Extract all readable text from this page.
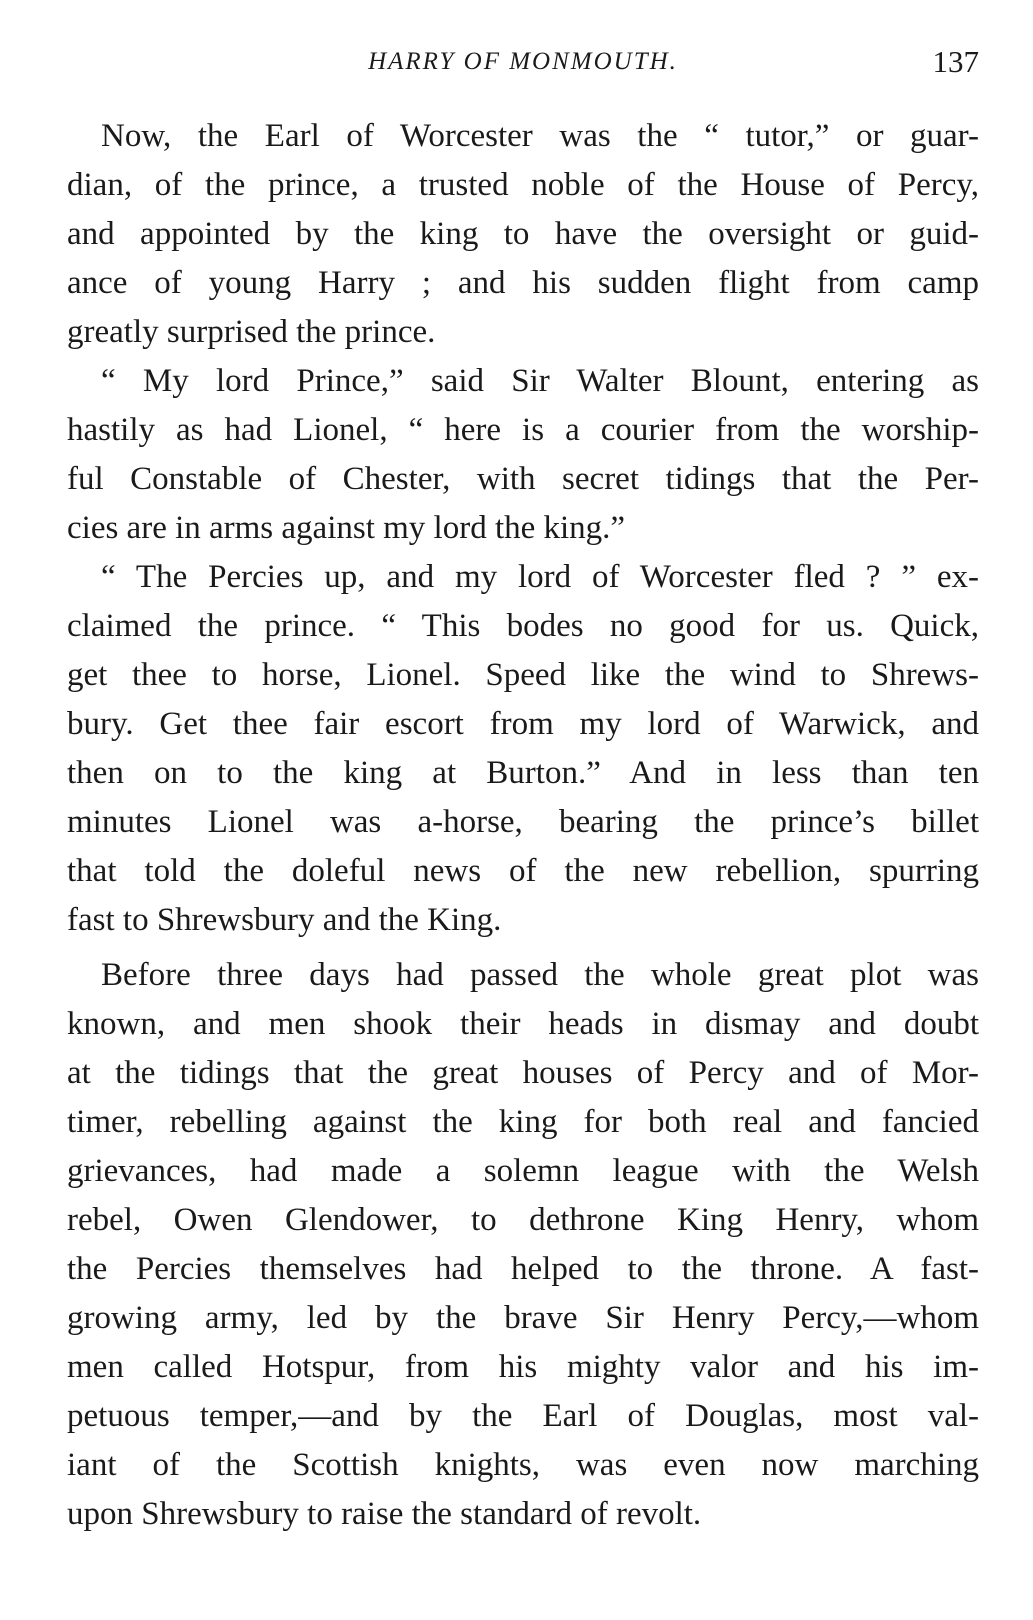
HARRY OF MONMOUTH.	137
Now, the Earl of Worcester was the “ tutor,” or guar-
dian, of the prince, a trusted noble of the House of Percy,
and appointed by the king to have the oversight or guid-
ance of young Harry ; and his sudden flight from camp
greatly surprised the prince.
“ My lord Prince,” said Sir Walter Blount, entering as
hastily as had Lionel, “ here is a courier from the worship-
ful Constable of Chester, with secret tidings that the Per-
cies are in arms against my lord the king.”
“ The Percies up, and my lord of Worcester fled ? ” ex-
claimed the prince. “ This bodes no good for us. Quick,
get thee to horse, Lionel. Speed like the wind to Shrews-
bury. Get thee fair escort from my lord of Warwick, and
then on to the king at Burton.” And in less than ten
minutes Lionel was a-horse, bearing the prince’s billet
that told the doleful news of the new rebellion, spurring
fast to Shrewsbury and the King.
Before three days had passed the whole great plot was
known, and men shook their heads in dismay and doubt
at the tidings that the great houses of Percy and of Mor-
timer, rebelling against the king for both real and fancied
grievances, had made a solemn league with the Welsh
rebel, Owen Glendower, to dethrone King Henry, whom
the Percies themselves had helped to the throne. A fast-
growing army, led by the brave Sir Henry Percy,—whom
men called Hotspur, from his mighty valor and his im-
petuous temper,—and by the Earl of Douglas, most val-
iant of the Scottish knights, was even now marching
upon Shrewsbury to raise the standard of revolt.
